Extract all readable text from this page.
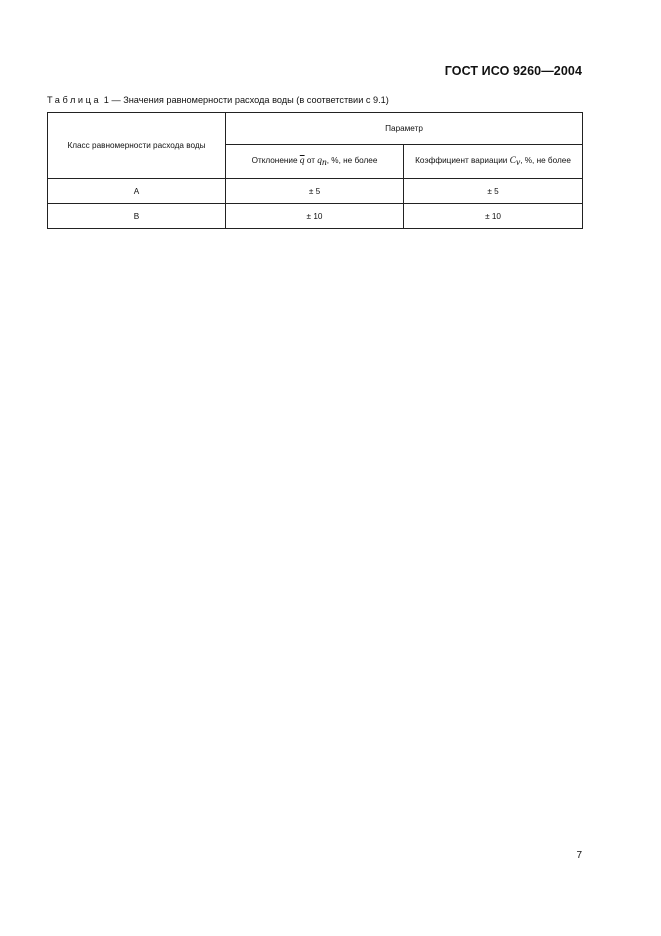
ГОСТ ИСО 9260—2004
Таблица 1 — Значения равномерности расхода воды (в соответствии с 9.1)
Класс равномерности расхода воды	Параметр	
	Отклонение $\overline{q}$ от $q_n$, %, не более	Коэффициент вариации $C_v$, %, не более
A	± 5	± 5
B	± 10	± 10
7
